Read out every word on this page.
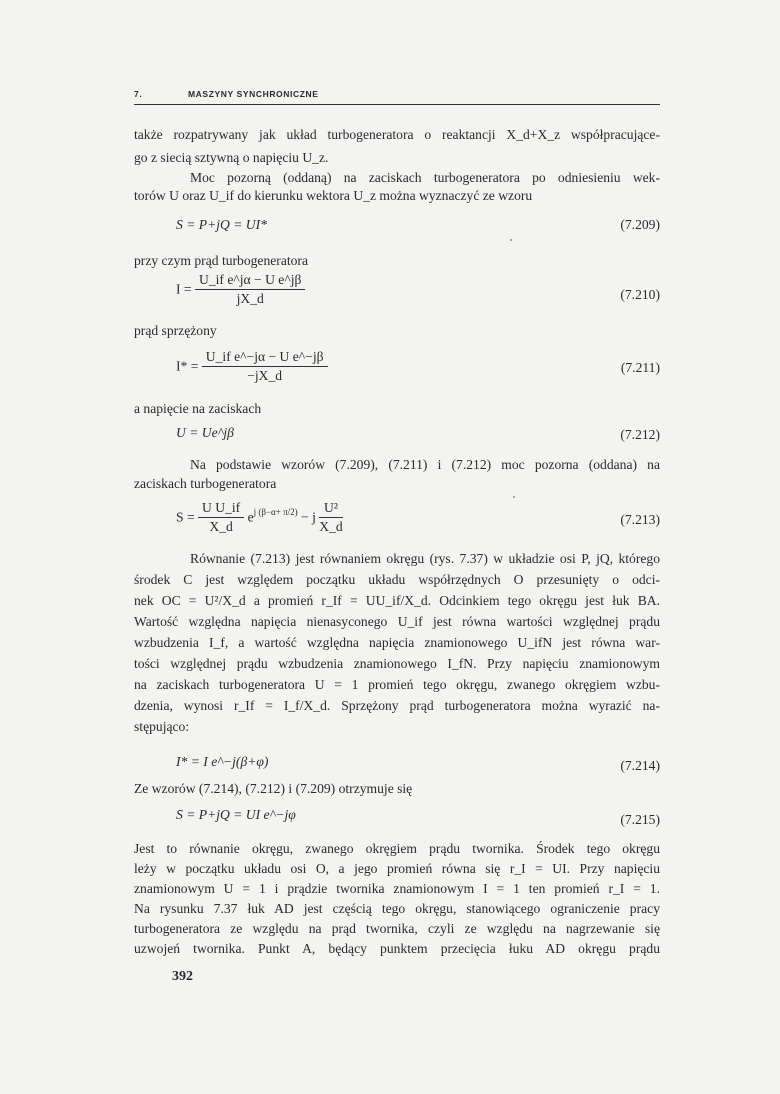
7.	MASZYNY SYNCHRONICZNE
także rozpatrywany jak układ turbogeneratora o reaktancji X_d+X_z współpracujące-
go z siecią sztywną o napięciu U_z.
Moc pozorną (oddaną) na zaciskach turbogeneratora po odniesieniu wek-
torów U oraz U_if do kierunku wektora U_z można wyznaczyć ze wzoru
S = P+jQ = UI*	(7.209)
przy czym prąd turbogeneratora
$I = \frac{\text{U\_if e\textasciicircum{}jα − U e\textasciicircum{}jβ}}{jX\_d}$	(7.210)
prąd sprzężony
$I* = \frac{\text{U\_if e\textasciicircum{}−jα − U e\textasciicircum{}−jβ}}{-jX\_d}$	(7.211)
a napięcie na zaciskach
U = Ue^jβ	(7.212)
Na podstawie wzorów (7.209), (7.211) i (7.212) moc pozorna (oddana) na
zaciskach turbogeneratora
$S = \frac{\text{U U\_if}}{X\_d} e^{j (\beta-\alpha+ \pi/2)} - j \frac{\text{U²}}{X\_d}$	(7.213)
Równanie (7.213) jest równaniem okręgu (rys. 7.37) w układzie osi P, jQ, którego
środek C jest względem początku układu współrzędnych O przesunięty o odci-
nek OC = U²/X_d a promień r_If = UU_if/X_d. Odcinkiem tego okręgu jest łuk BA.
Wartość względna napięcia nienasyconego U_if jest równa wartości względnej prądu
wzbudzenia I_f, a wartość względna napięcia znamionowego U_ifN jest równa war-
tości względnej prądu wzbudzenia znamionowego I_fN. Przy napięciu znamionowym
na zaciskach turbogeneratora U = 1 promień tego okręgu, zwanego okręgiem wzbu-
dzenia, wynosi r_If = I_f/X_d. Sprzężony prąd turbogeneratora można wyrazić na-
stępująco:
I* = I e^−j(β+φ)	(7.214)
Ze wzorów (7.214), (7.212) i (7.209) otrzymuje się
S = P+jQ = UI e^−jφ	(7.215)
Jest to równanie okręgu, zwanego okręgiem prądu twornika. Środek tego okręgu
leży w początku układu osi O, a jego promień równa się r_I = UI. Przy napięciu
znamionowym U = 1 i prądzie twornika znamionowym I = 1 ten promień r_I = 1.
Na rysunku 7.37 łuk AD jest częścią tego okręgu, stanowiącego ograniczenie pracy
turbogeneratora ze względu na prąd twornika, czyli ze względu na nagrzewanie się
uzwojeń twornika. Punkt A, będący punktem przecięcia łuku AD okręgu prądu
392
